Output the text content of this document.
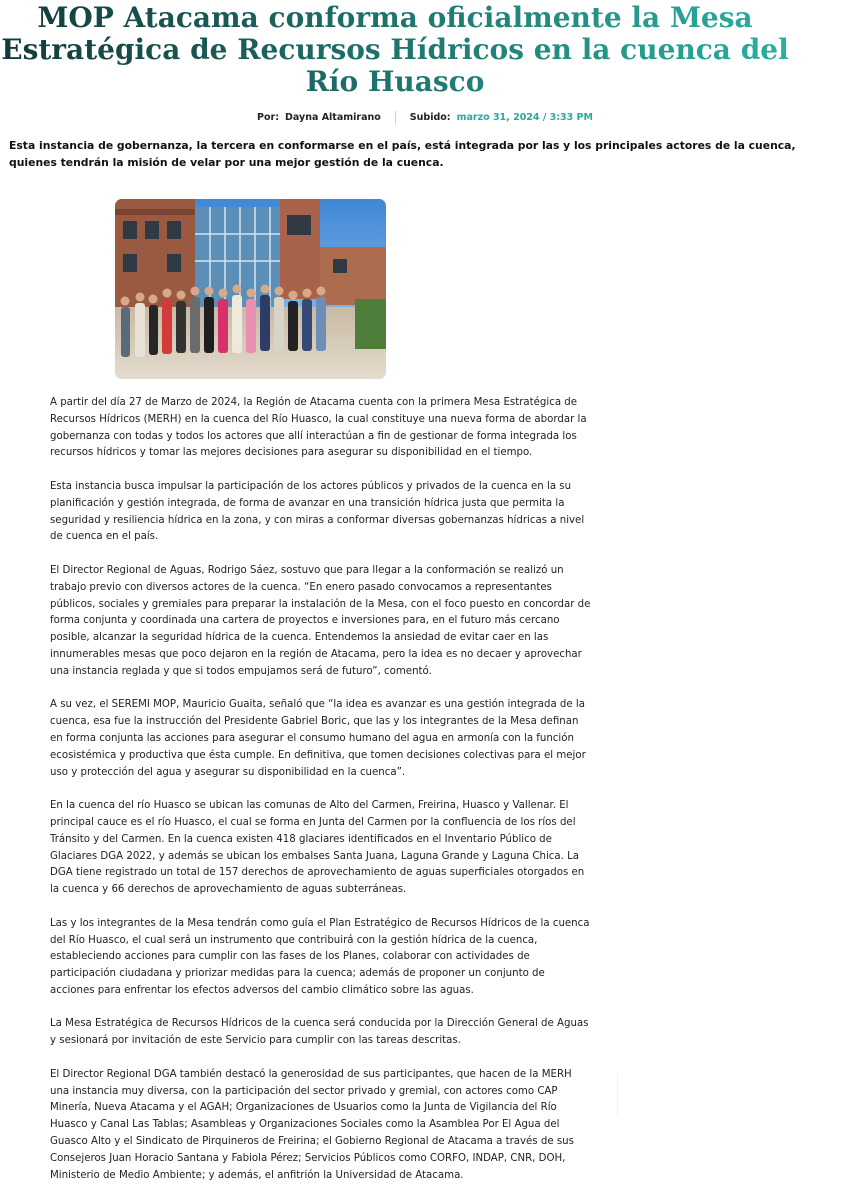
MOP Atacama conforma oficialmente la Mesa Estratégica de Recursos Hídricos en la cuenca del Río Huasco
Por: Dayna Altamirano	Subido: marzo 31, 2024 / 3:33 PM

Esta instancia de gobernanza, la tercera en conformarse en el país, está integrada por las y los principales actores de la cuenca, quienes tendrán la misión de velar por una mejor gestión de la cuenca.

A partir del día 27 de Marzo de 2024, la Región de Atacama cuenta con la primera Mesa Estratégica de Recursos Hídricos (MERH) en la cuenca del Río Huasco, la cual constituye una nueva forma de abordar la gobernanza con todas y todos los actores que allí interactúan a fin de gestionar de forma integrada los recursos hídricos y tomar las mejores decisiones para asegurar su disponibilidad en el tiempo.

Esta instancia busca impulsar la participación de los actores públicos y privados de la cuenca en la su planificación y gestión integrada, de forma de avanzar en una transición hídrica justa que permita la seguridad y resiliencia hídrica en la zona, y con miras a conformar diversas gobernanzas hídricas a nivel de cuenca en el país.

El Director Regional de Aguas, Rodrigo Sáez, sostuvo que para llegar a la conformación se realizó un trabajo previo con diversos actores de la cuenca. “En enero pasado convocamos a representantes públicos, sociales y gremiales para preparar la instalación de la Mesa, con el foco puesto en concordar de forma conjunta y coordinada una cartera de proyectos e inversiones para, en el futuro más cercano posible, alcanzar la seguridad hídrica de la cuenca. Entendemos la ansiedad de evitar caer en las innumerables mesas que poco dejaron en la región de Atacama, pero la idea es no decaer y aprovechar una instancia reglada y que si todos empujamos será de futuro”, comentó.

A su vez, el SEREMI MOP, Mauricio Guaita, señaló que “la idea es avanzar es una gestión integrada de la cuenca, esa fue la instrucción del Presidente Gabriel Boric, que las y los integrantes de la Mesa definan en forma conjunta las acciones para asegurar el consumo humano del agua en armonía con la función ecosistémica y productiva que ésta cumple. En definitiva, que tomen decisiones colectivas para el mejor uso y protección del agua y asegurar su disponibilidad en la cuenca”.

En la cuenca del río Huasco se ubican las comunas de Alto del Carmen, Freirina, Huasco y Vallenar. El principal cauce es el río Huasco, el cual se forma en Junta del Carmen por la confluencia de los ríos del Tránsito y del Carmen. En la cuenca existen 418 glaciares identificados en el Inventario Público de Glaciares DGA 2022, y además se ubican los embalses Santa Juana, Laguna Grande y Laguna Chica. La DGA tiene registrado un total de 157 derechos de aprovechamiento de aguas superficiales otorgados en la cuenca y 66 derechos de aprovechamiento de aguas subterráneas.

Las y los integrantes de la Mesa tendrán como guía el Plan Estratégico de Recursos Hídricos de la cuenca del Río Huasco, el cual será un instrumento que contribuirá con la gestión hídrica de la cuenca, estableciendo acciones para cumplir con las fases de los Planes, colaborar con actividades de participación ciudadana y priorizar medidas para la cuenca; además de proponer un conjunto de acciones para enfrentar los efectos adversos del cambio climático sobre las aguas.

La Mesa Estratégica de Recursos Hídricos de la cuenca será conducida por la Dirección General de Aguas y sesionará por invitación de este Servicio para cumplir con las tareas descritas.

El Director Regional DGA también destacó la generosidad de sus participantes, que hacen de la MERH una instancia muy diversa, con la participación del sector privado y gremial, con actores como CAP Minería, Nueva Atacama y el AGAH; Organizaciones de Usuarios como la Junta de Vigilancia del Río Huasco y Canal Las Tablas; Asambleas y Organizaciones Sociales como la Asamblea Por El Agua del Guasco Alto y el Sindicato de Pirquineros de Freirina; el Gobierno Regional de Atacama a través de sus Consejeros Juan Horacio Santana y Fabiola Pérez; Servicios Públicos como CORFO, INDAP, CNR, DOH, Ministerio de Medio Ambiente; y además, el anfitrión la Universidad de Atacama.
